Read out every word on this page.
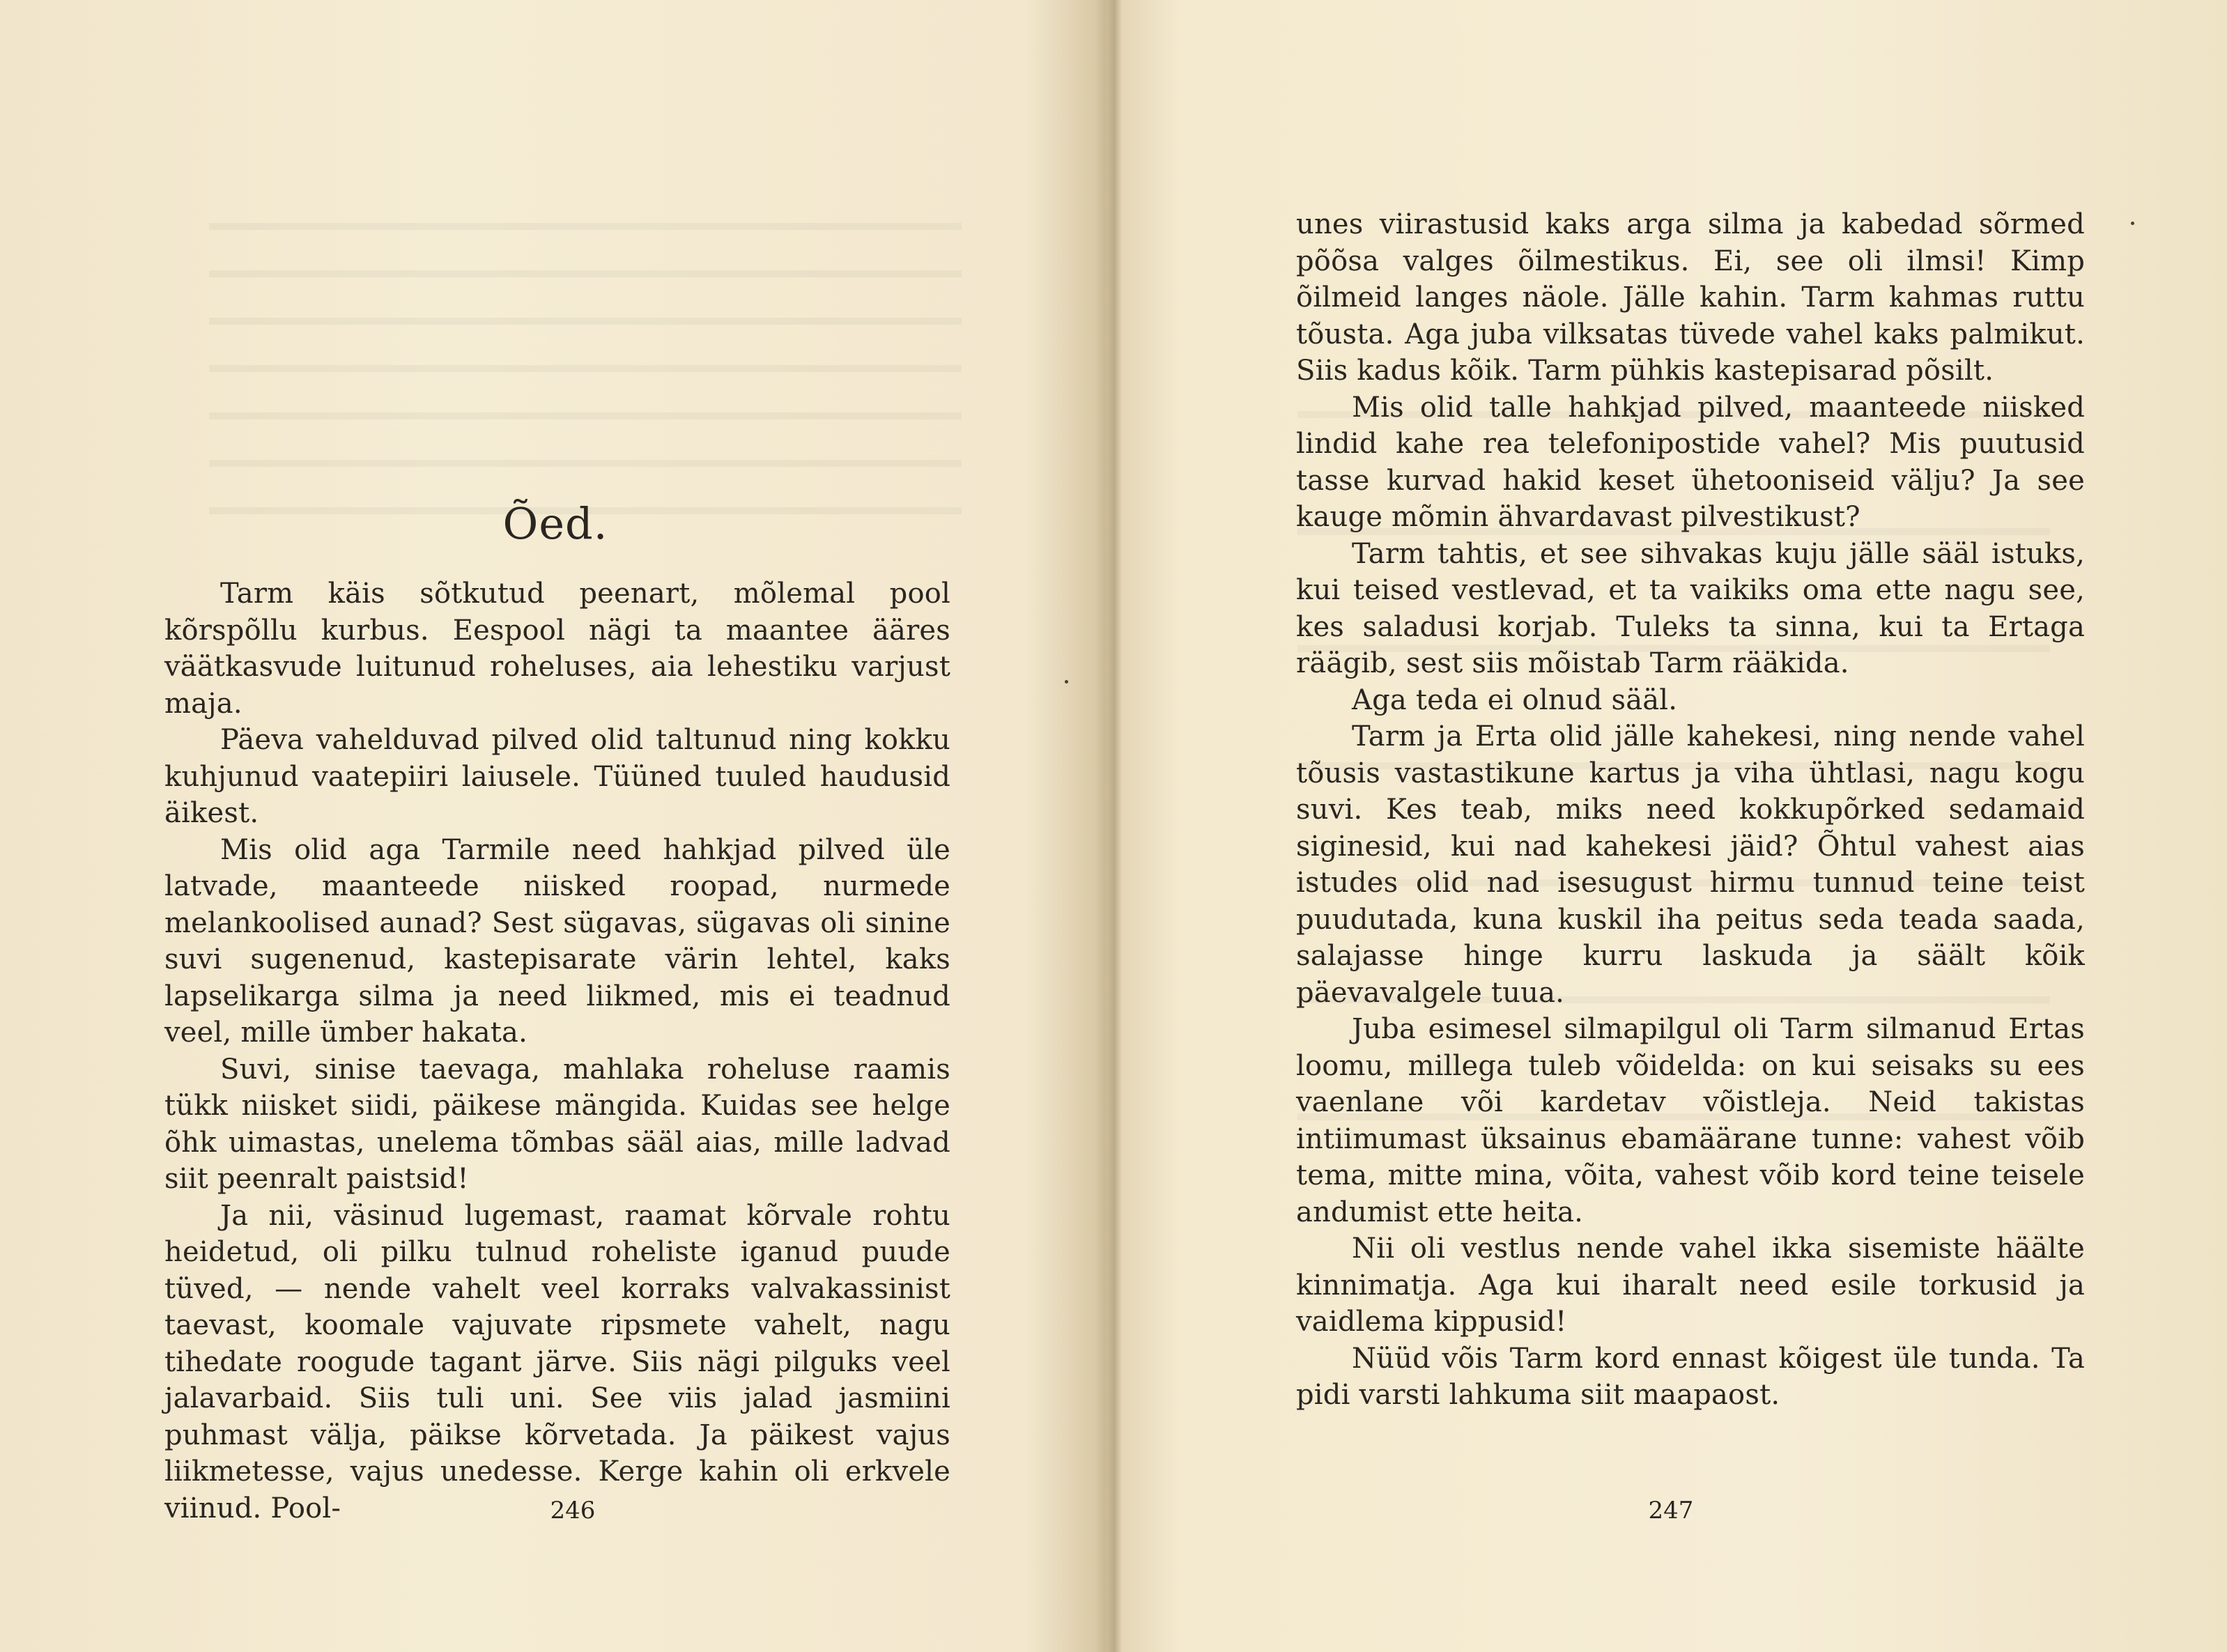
Õed.

Tarm käis sõtkutud peenart, mõlemal pool kõrspõllu kurbus. Eespool nägi ta maantee ääres väätkasvude luitunud roheluses, aia lehestiku varjust maja.

Päeva vahelduvad pilved olid taltunud ning kokku kuhjunud vaatepiiri laiusele. Tüüned tuuled haudusid äikest.

Mis olid aga Tarmile need hahkjad pilved üle latvade, maanteede niisked roopad, nurmede melankoolised aunad? Sest sügavas, sügavas oli sinine suvi sugenenud, kastepisarate värin lehtel, kaks lapselikarga silma ja need liikmed, mis ei teadnud veel, mille ümber hakata.

Suvi, sinise taevaga, mahlaka roheluse raamis tükk niisket siidi, päikese mängida. Kuidas see helge õhk uimastas, unelema tõmbas sääl aias, mille ladvad siit peenralt paistsid!

Ja nii, väsinud lugemast, raamat kõrvale rohtu heidetud, oli pilku tulnud roheliste iganud puude tüved, — nende vahelt veel korraks valvakassinist taevast, koomale vajuvate ripsmete vahelt, nagu tihedate roogude tagant järve. Siis nägi pilguks veel jalavarbaid. Siis tuli uni. See viis jalad jasmiini puhmast välja, päikse kõrvetada. Ja päikest vajus liikmetesse, vajus unedesse. Kerge kahin oli erkvele viinud. Pool-	246

unes viirastusid kaks arga silma ja kabedad sõrmed põõsa valges õilmestikus. Ei, see oli ilmsi! Kimp õilmeid langes näole. Jälle kahin. Tarm kahmas ruttu tõusta. Aga juba vilksatas tüvede vahel kaks palmikut. Siis kadus kõik. Tarm pühkis kastepisarad põsilt.

Mis olid talle hahkjad pilved, maanteede niisked lindid kahe rea telefonipostide vahel? Mis puutusid tasse kurvad hakid keset ühetooniseid välju? Ja see kauge mõmin ähvardavast pilvestikust?

Tarm tahtis, et see sihvakas kuju jälle sääl istuks, kui teised vestlevad, et ta vaikiks oma ette nagu see, kes saladusi korjab. Tuleks ta sinna, kui ta Ertaga räägib, sest siis mõistab Tarm rääkida.

Aga teda ei olnud sääl.

Tarm ja Erta olid jälle kahekesi, ning nende vahel tõusis vastastikune kartus ja viha ühtlasi, nagu kogu suvi. Kes teab, miks need kokkupõrked sedamaid siginesid, kui nad kahekesi jäid? Õhtul vahest aias istudes olid nad isesugust hirmu tunnud teine teist puudutada, kuna kuskil iha peitus seda teada saada, salajasse hinge kurru laskuda ja säält kõik päevavalgele tuua.

Juba esimesel silmapilgul oli Tarm silmanud Ertas loomu, millega tuleb võidelda: on kui seisaks su ees vaenlane või kardetav võistleja. Neid takistas intiimumast üksainus ebamäärane tunne: vahest võib tema, mitte mina, võita, vahest võib kord teine teisele andumist ette heita.

Nii oli vestlus nende vahel ikka sisemiste häälte kinnimatja. Aga kui iharalt need esile torkusid ja vaidlema kippusid!

Nüüd võis Tarm kord ennast kõigest üle tunda. Ta pidi varsti lahkuma siit maapaost.

247
